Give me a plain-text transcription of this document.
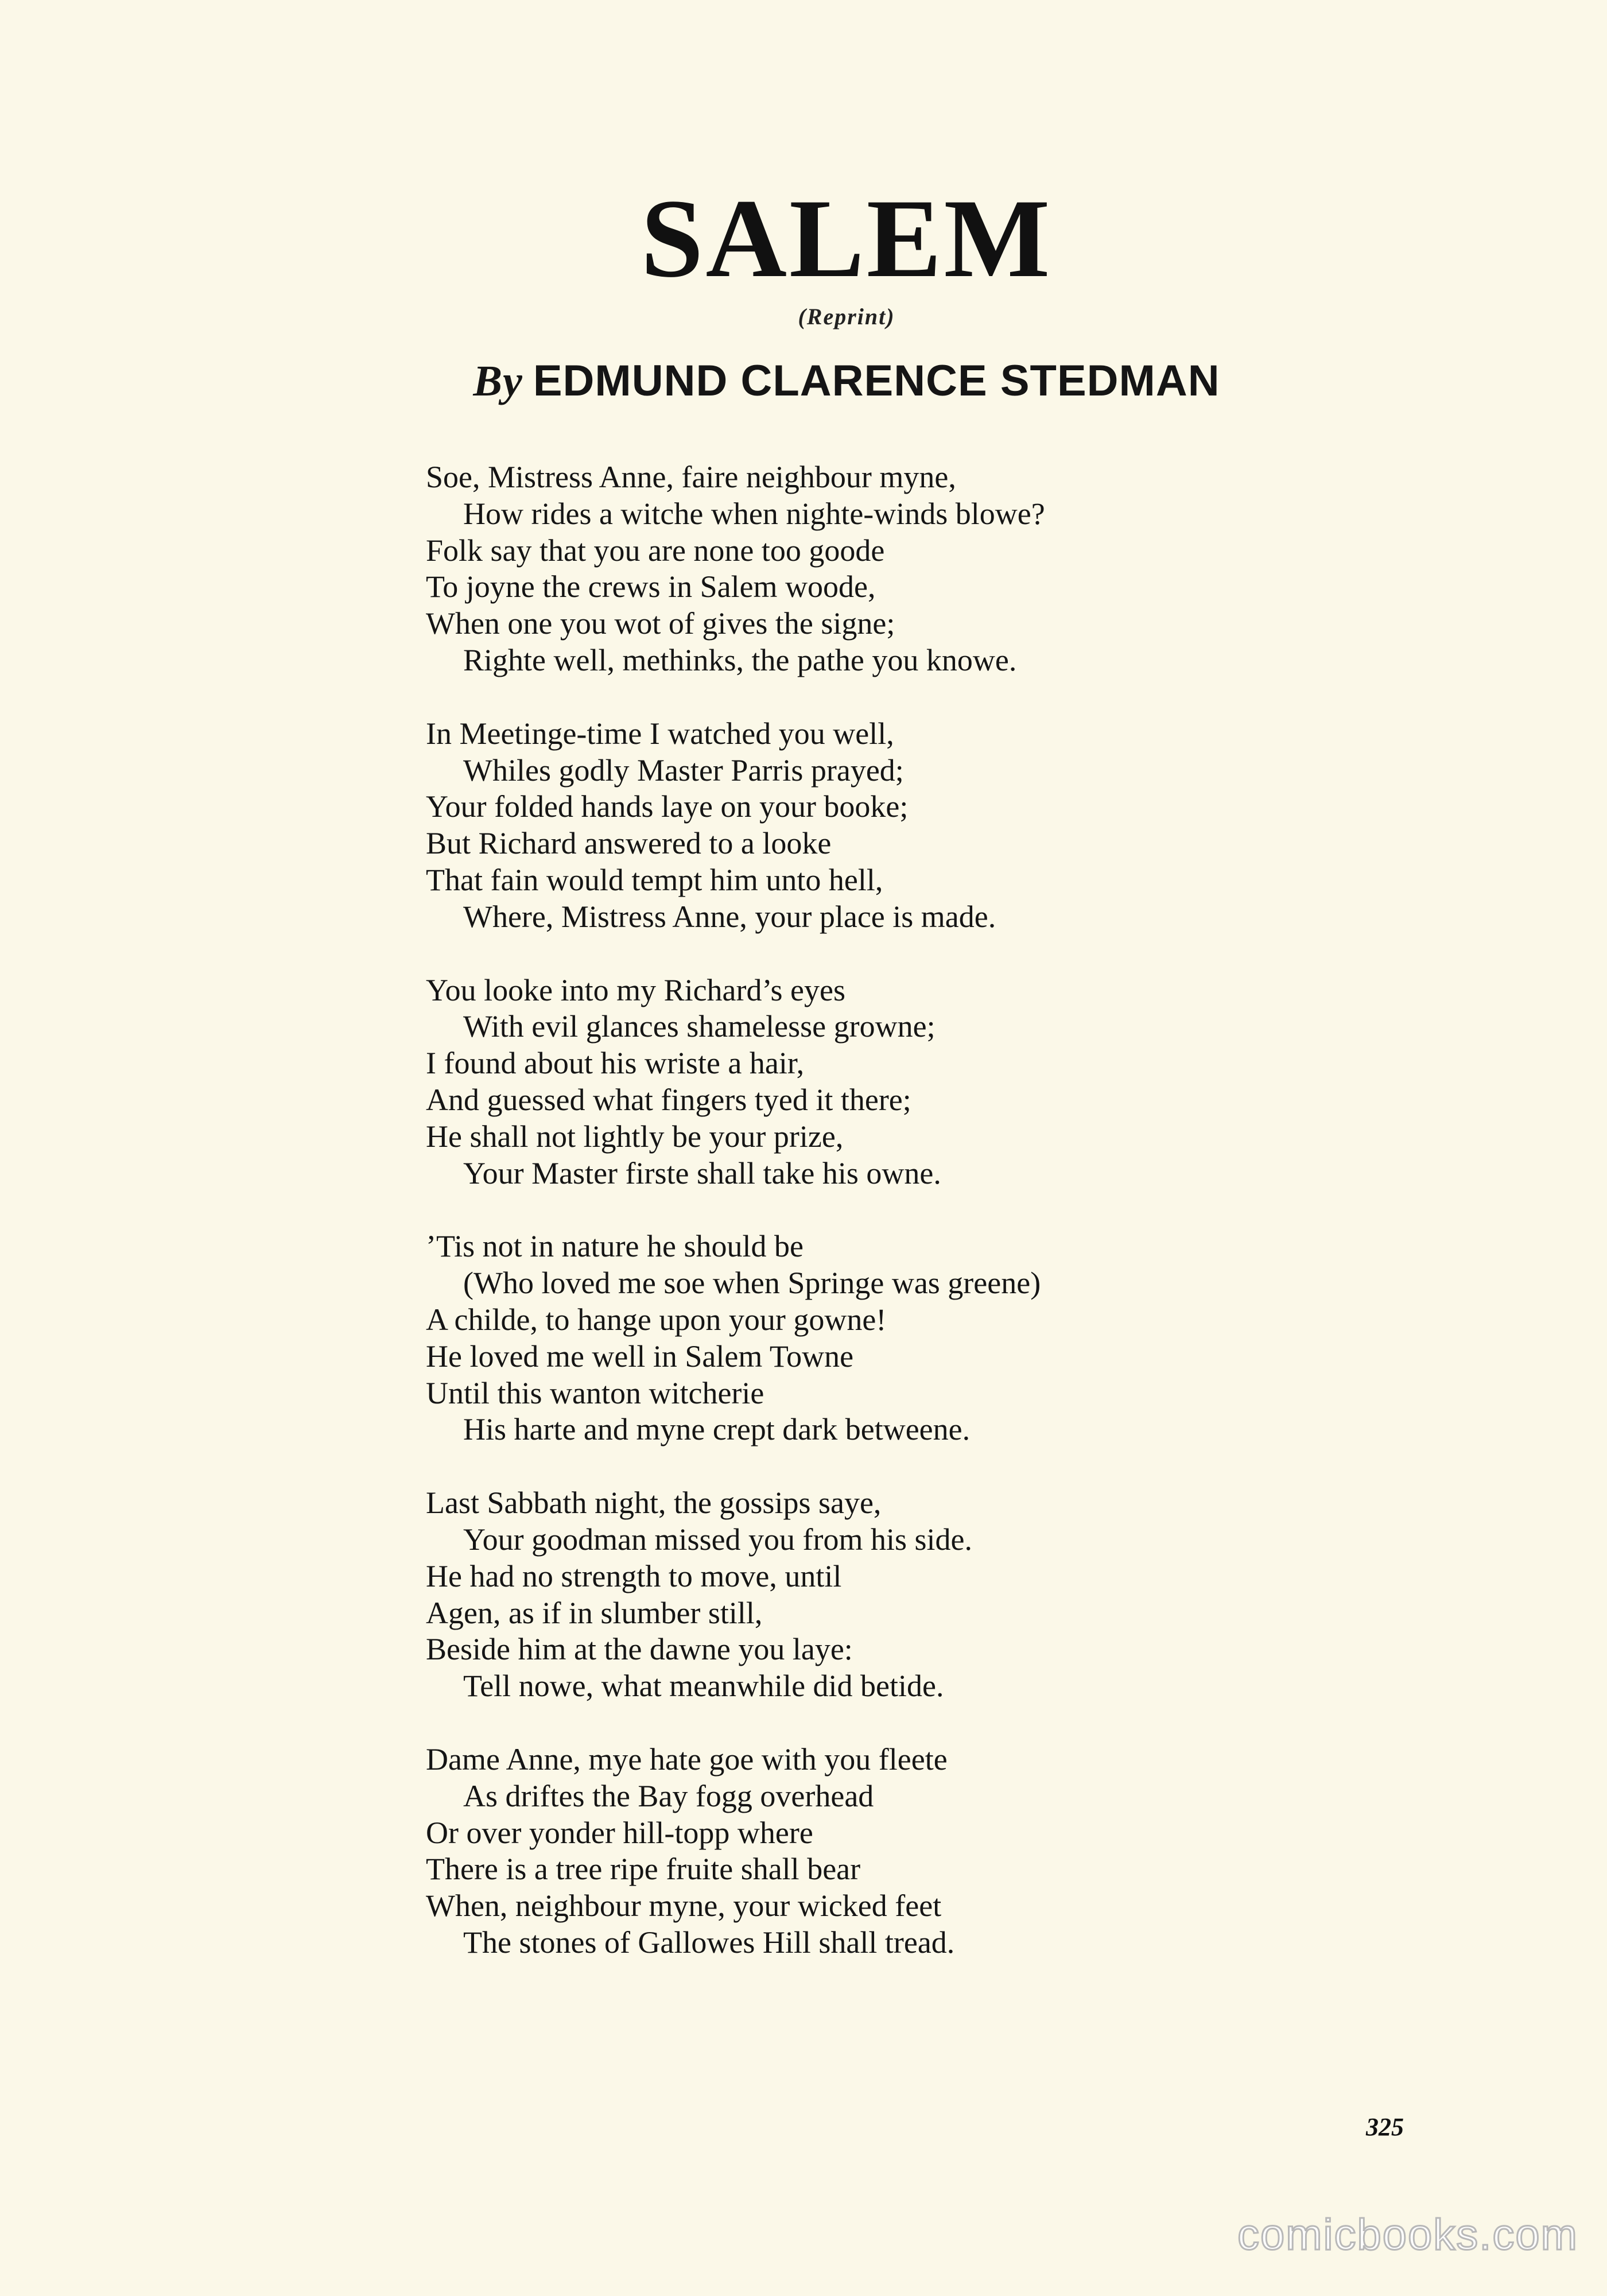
SALEM
(Reprint)
By EDMUND CLARENCE STEDMAN
Soe, Mistress Anne, faire neighbour myne,
How rides a witche when nighte-winds blowe?
Folk say that you are none too goode
To joyne the crews in Salem woode,
When one you wot of gives the signe;
Righte well, methinks, the pathe you knowe.
In Meetinge-time I watched you well,
Whiles godly Master Parris prayed;
Your folded hands laye on your booke;
But Richard answered to a looke
That fain would tempt him unto hell,
Where, Mistress Anne, your place is made.
You looke into my Richard’s eyes
With evil glances shamelesse growne;
I found about his wriste a hair,
And guessed what fingers tyed it there;
He shall not lightly be your prize,
Your Master firste shall take his owne.
’Tis not in nature he should be
(Who loved me soe when Springe was greene)
A childe, to hange upon your gowne!
He loved me well in Salem Towne
Until this wanton witcherie
His harte and myne crept dark betweene.
Last Sabbath night, the gossips saye,
Your goodman missed you from his side.
He had no strength to move, until
Agen, as if in slumber still,
Beside him at the dawne you laye:
Tell nowe, what meanwhile did betide.
Dame Anne, mye hate goe with you fleete
As driftes the Bay fogg overhead
Or over yonder hill-topp where
There is a tree ripe fruite shall bear
When, neighbour myne, your wicked feet
The stones of Gallowes Hill shall tread.
325
comicbooks.com
